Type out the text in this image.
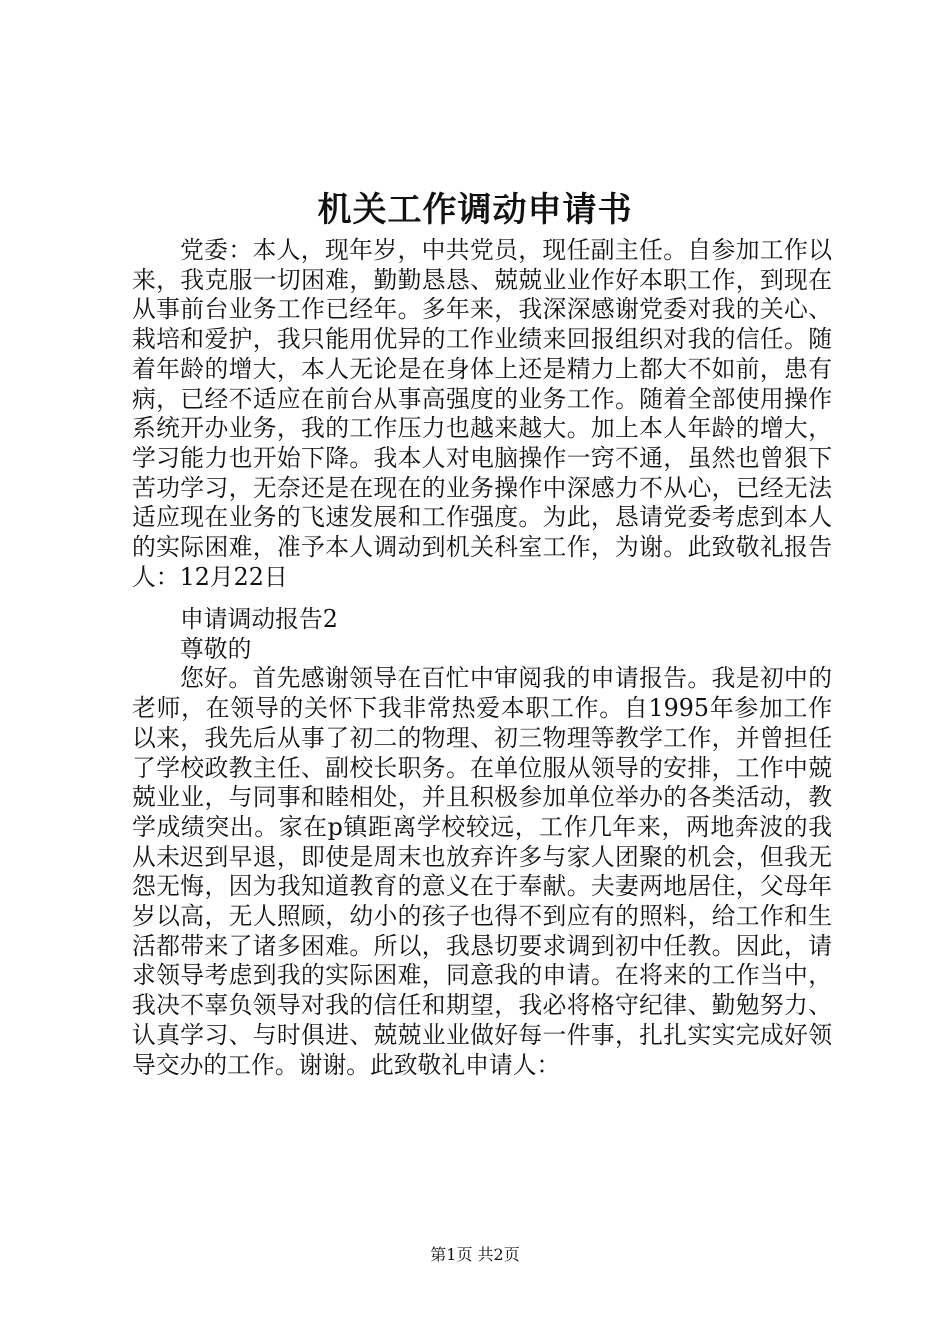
机关工作调动申请书

党委：本人，现年岁，中共党员，现任副主任。自参加工作以来，我克服一切困难，勤勤恳恳、兢兢业业作好本职工作，到现在从事前台业务工作已经年。多年来，我深深感谢党委对我的关心、栽培和爱护，我只能用优异的工作业绩来回报组织对我的信任。随着年龄的增大，本人无论是在身体上还是精力上都大不如前，患有病，已经不适应在前台从事高强度的业务工作。随着全部使用操作系统开办业务，我的工作压力也越来越大。加上本人年龄的增大，学习能力也开始下降。我本人对电脑操作一窍不通，虽然也曾狠下苦功学习，无奈还是在现在的业务操作中深感力不从心，已经无法适应现在业务的飞速发展和工作强度。为此，恳请党委考虑到本人的实际困难，准予本人调动到机关科室工作，为谢。此致敬礼报告人：12月22日

申请调动报告2

尊敬的

您好。首先感谢领导在百忙中审阅我的申请报告。我是初中的老师，在领导的关怀下我非常热爱本职工作。自1995年参加工作以来，我先后从事了初二的物理、初三物理等教学工作，并曾担任了学校政教主任、副校长职务。在单位服从领导的安排，工作中兢兢业业，与同事和睦相处，并且积极参加单位举办的各类活动，教学成绩突出。家在p镇距离学校较远，工作几年来，两地奔波的我从未迟到早退，即使是周末也放弃许多与家人团聚的机会，但我无怨无悔，因为我知道教育的意义在于奉献。夫妻两地居住，父母年岁以高，无人照顾，幼小的孩子也得不到应有的照料，给工作和生活都带来了诸多困难。所以，我恳切要求调到初中任教。因此，请求领导考虑到我的实际困难，同意我的申请。在将来的工作当中，我决不辜负领导对我的信任和期望，我必将格守纪律、勤勉努力、认真学习、与时俱进、兢兢业业做好每一件事，扎扎实实完成好领导交办的工作。谢谢。此致敬礼申请人：

第1页 共2页
